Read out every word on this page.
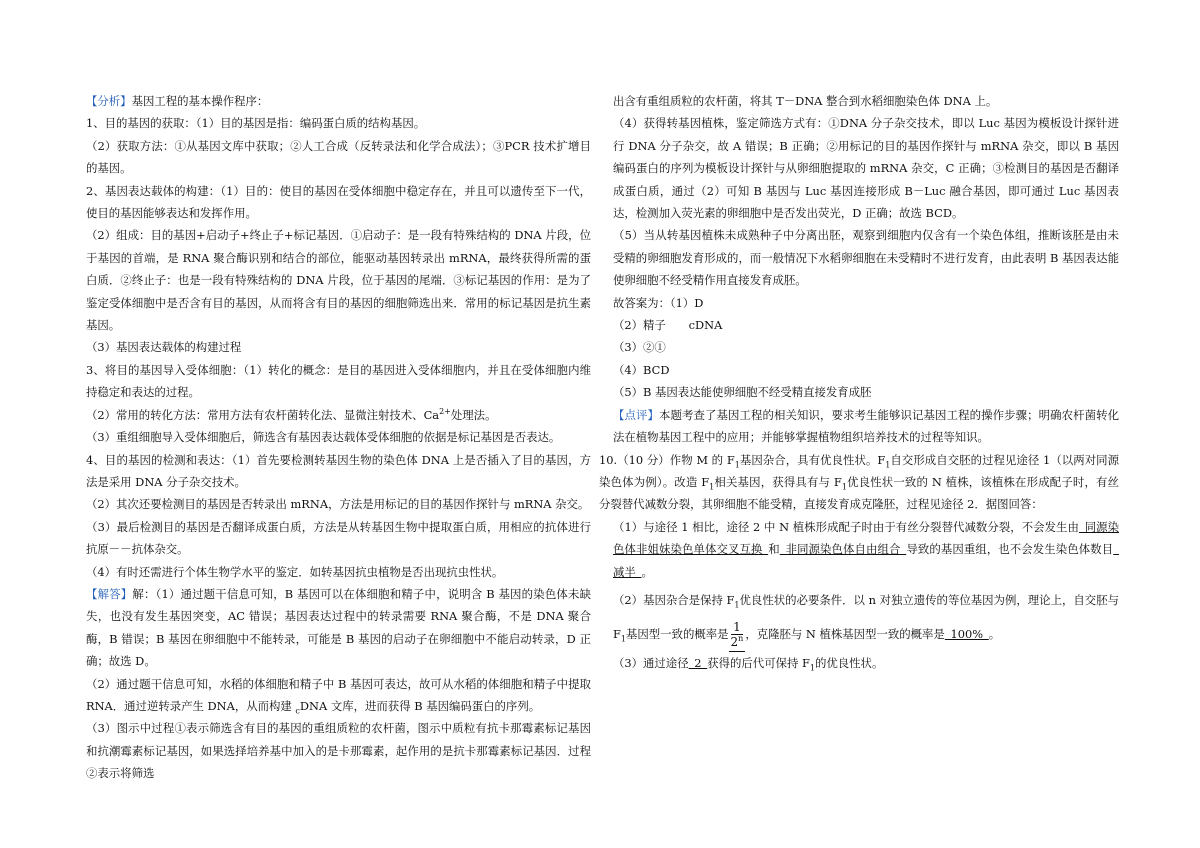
【分析】基因工程的基本操作程序：

1、目的基因的获取：（1）目的基因是指：编码蛋白质的结构基因。

（2）获取方法：①从基因文库中获取；②人工合成（反转录法和化学合成法）；③PCR 技术扩增目的基因。

2、基因表达载体的构建：（1）目的：使目的基因在受体细胞中稳定存在，并且可以遗传至下一代，使目的基因能够表达和发挥作用。

（2）组成：目的基因+启动子+终止子+标记基因．①启动子：是一段有特殊结构的 DNA 片段，位于基因的首端，是 RNA 聚合酶识别和结合的部位，能驱动基因转录出 mRNA，最终获得所需的蛋白质．②终止子：也是一段有特殊结构的 DNA 片段，位于基因的尾端．③标记基因的作用：是为了鉴定受体细胞中是否含有目的基因，从而将含有目的基因的细胞筛选出来．常用的标记基因是抗生素基因。

（3）基因表达载体的构建过程

3、将目的基因导入受体细胞：（1）转化的概念：是目的基因进入受体细胞内，并且在受体细胞内维持稳定和表达的过程。

（2）常用的转化方法：常用方法有农杆菌转化法、显微注射技术、$Ca^{2+}$处理法。

（3）重组细胞导入受体细胞后，筛选含有基因表达载体受体细胞的依据是标记基因是否表达。

4、目的基因的检测和表达：（1）首先要检测转基因生物的染色体 DNA 上是否插入了目的基因，方法是采用 DNA 分子杂交技术。

（2）其次还要检测目的基因是否转录出 mRNA，方法是用标记的目的基因作探针与 mRNA 杂交。

（3）最后检测目的基因是否翻译成蛋白质，方法是从转基因生物中提取蛋白质，用相应的抗体进行抗原－－抗体杂交。

（4）有时还需进行个体生物学水平的鉴定．如转基因抗虫植物是否出现抗虫性状。

【解答】解：（1）通过题干信息可知，B 基因可以在体细胞和精子中，说明含 B 基因的染色体未缺失，也没有发生基因突变，AC 错误；基因表达过程中的转录需要 RNA 聚合酶，不是 DNA 聚合酶，B 错误；B 基因在卵细胞中不能转录，可能是 B 基因的启动子在卵细胞中不能启动转录，D 正确；故选 D。

（2）通过题干信息可知，水稻的体细胞和精子中 B 基因可表达，故可从水稻的体细胞和精子中提取 RNA．通过逆转录产生 DNA，从而构建 $_c$DNA 文库，进而获得 B 基因编码蛋白的序列。

（3）图示中过程①表示筛选含有目的基因的重组质粒的农杆菌，图示中质粒有抗卡那霉素标记基因和抗潮霉素标记基因，如果选择培养基中加入的是卡那霉素，起作用的是抗卡那霉素标记基因．过程②表示将筛选

出含有重组质粒的农杆菌，将其 T－DNA 整合到水稻细胞染色体 DNA 上。

（4）获得转基因植株，鉴定筛选方式有：①DNA 分子杂交技术，即以 Luc 基因为模板设计探针进行 DNA 分子杂交，故 A 错误；B 正确；②用标记的目的基因作探针与 mRNA 杂交，即以 B 基因编码蛋白的序列为模板设计探针与从卵细胞提取的 mRNA 杂交，C 正确；③检测目的基因是否翻译成蛋白质，通过（2）可知 B 基因与 Luc 基因连接形成 B－Luc 融合基因，即可通过 Luc 基因表达，检测加入荧光素的卵细胞中是否发出荧光，D 正确；故选 BCD。

（5）当从转基因植株未成熟种子中分离出胚，观察到细胞内仅含有一个染色体组，推断该胚是由未受精的卵细胞发育形成的，而一般情况下水稻卵细胞在未受精时不进行发育，由此表明 B 基因表达能使卵细胞不经受精作用直接发育成胚。

故答案为：（1）D

（2）精子　　cDNA

（3）②①

（4）BCD

（5）B 基因表达能使卵细胞不经受精直接发育成胚

【点评】本题考查了基因工程的相关知识，要求考生能够识记基因工程的操作步骤；明确农杆菌转化法在植物基因工程中的应用；并能够掌握植物组织培养技术的过程等知识。

10.（10 分）作物 M 的 $F_1$基因杂合，具有优良性状。$F_1$自交形成自交胚的过程见途径 1（以两对同源染色体为例）。改造 $F_1$相关基因，获得具有与 $F_1$优良性状一致的 N 植株，该植株在形成配子时，有丝分裂替代减数分裂，其卵细胞不能受精，直接发育成克隆胚，过程见途径 2．据图回答：

（1）与途径 1 相比，途径 2 中 N 植株形成配子时由于有丝分裂替代减数分裂，不会发生由 同源染色体非姐妹染色单体交叉互换 和 非同源染色体自由组合 导致的基因重组，也不会发生染色体数目 减半 。

（2）基因杂合是保持 $F_1$优良性状的必要条件．以 n 对独立遗传的等位基因为例，理论上，自交胚与 $F_1$基因型一致的概率是 $\frac{1}{2^n}$ ，克隆胚与 N 植株基因型一致的概率是 100% 。

（3）通过途径 2 获得的后代可保持 $F_1$的优良性状。
